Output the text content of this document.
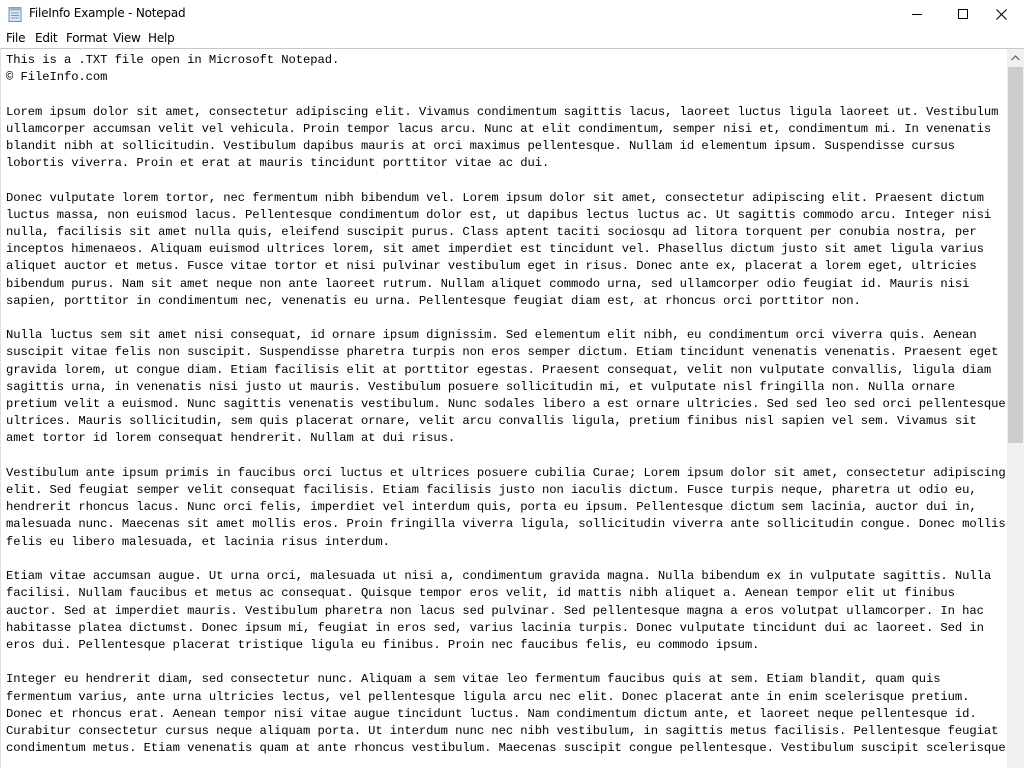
FileInfo Example - Notepad
File Edit Format View Help
This is a .TXT file open in Microsoft Notepad.
© FileInfo.com

Lorem ipsum dolor sit amet, consectetur adipiscing elit. Vivamus condimentum sagittis lacus, laoreet luctus ligula laoreet ut. Vestibulum
ullamcorper accumsan velit vel vehicula. Proin tempor lacus arcu. Nunc at elit condimentum, semper nisi et, condimentum mi. In venenatis
blandit nibh at sollicitudin. Vestibulum dapibus mauris at orci maximus pellentesque. Nullam id elementum ipsum. Suspendisse cursus
lobortis viverra. Proin et erat at mauris tincidunt porttitor vitae ac dui.

Donec vulputate lorem tortor, nec fermentum nibh bibendum vel. Lorem ipsum dolor sit amet, consectetur adipiscing elit. Praesent dictum
luctus massa, non euismod lacus. Pellentesque condimentum dolor est, ut dapibus lectus luctus ac. Ut sagittis commodo arcu. Integer nisi
nulla, facilisis sit amet nulla quis, eleifend suscipit purus. Class aptent taciti sociosqu ad litora torquent per conubia nostra, per
inceptos himenaeos. Aliquam euismod ultrices lorem, sit amet imperdiet est tincidunt vel. Phasellus dictum justo sit amet ligula varius
aliquet auctor et metus. Fusce vitae tortor et nisi pulvinar vestibulum eget in risus. Donec ante ex, placerat a lorem eget, ultricies
bibendum purus. Nam sit amet neque non ante laoreet rutrum. Nullam aliquet commodo urna, sed ullamcorper odio feugiat id. Mauris nisi
sapien, porttitor in condimentum nec, venenatis eu urna. Pellentesque feugiat diam est, at rhoncus orci porttitor non.

Nulla luctus sem sit amet nisi consequat, id ornare ipsum dignissim. Sed elementum elit nibh, eu condimentum orci viverra quis. Aenean
suscipit vitae felis non suscipit. Suspendisse pharetra turpis non eros semper dictum. Etiam tincidunt venenatis venenatis. Praesent eget
gravida lorem, ut congue diam. Etiam facilisis elit at porttitor egestas. Praesent consequat, velit non vulputate convallis, ligula diam
sagittis urna, in venenatis nisi justo ut mauris. Vestibulum posuere sollicitudin mi, et vulputate nisl fringilla non. Nulla ornare
pretium velit a euismod. Nunc sagittis venenatis vestibulum. Nunc sodales libero a est ornare ultricies. Sed sed leo sed orci pellentesque
ultrices. Mauris sollicitudin, sem quis placerat ornare, velit arcu convallis ligula, pretium finibus nisl sapien vel sem. Vivamus sit
amet tortor id lorem consequat hendrerit. Nullam at dui risus.

Vestibulum ante ipsum primis in faucibus orci luctus et ultrices posuere cubilia Curae; Lorem ipsum dolor sit amet, consectetur adipiscing
elit. Sed feugiat semper velit consequat facilisis. Etiam facilisis justo non iaculis dictum. Fusce turpis neque, pharetra ut odio eu,
hendrerit rhoncus lacus. Nunc orci felis, imperdiet vel interdum quis, porta eu ipsum. Pellentesque dictum sem lacinia, auctor dui in,
malesuada nunc. Maecenas sit amet mollis eros. Proin fringilla viverra ligula, sollicitudin viverra ante sollicitudin congue. Donec mollis
felis eu libero malesuada, et lacinia risus interdum.

Etiam vitae accumsan augue. Ut urna orci, malesuada ut nisi a, condimentum gravida magna. Nulla bibendum ex in vulputate sagittis. Nulla
facilisi. Nullam faucibus et metus ac consequat. Quisque tempor eros velit, id mattis nibh aliquet a. Aenean tempor elit ut finibus
auctor. Sed at imperdiet mauris. Vestibulum pharetra non lacus sed pulvinar. Sed pellentesque magna a eros volutpat ullamcorper. In hac
habitasse platea dictumst. Donec ipsum mi, feugiat in eros sed, varius lacinia turpis. Donec vulputate tincidunt dui ac laoreet. Sed in
eros dui. Pellentesque placerat tristique ligula eu finibus. Proin nec faucibus felis, eu commodo ipsum.

Integer eu hendrerit diam, sed consectetur nunc. Aliquam a sem vitae leo fermentum faucibus quis at sem. Etiam blandit, quam quis
fermentum varius, ante urna ultricies lectus, vel pellentesque ligula arcu nec elit. Donec placerat ante in enim scelerisque pretium.
Donec et rhoncus erat. Aenean tempor nisi vitae augue tincidunt luctus. Nam condimentum dictum ante, et laoreet neque pellentesque id.
Curabitur consectetur cursus neque aliquam porta. Ut interdum nunc nec nibh vestibulum, in sagittis metus facilisis. Pellentesque feugiat
condimentum metus. Etiam venenatis quam at ante rhoncus vestibulum. Maecenas suscipit congue pellentesque. Vestibulum suscipit scelerisque
